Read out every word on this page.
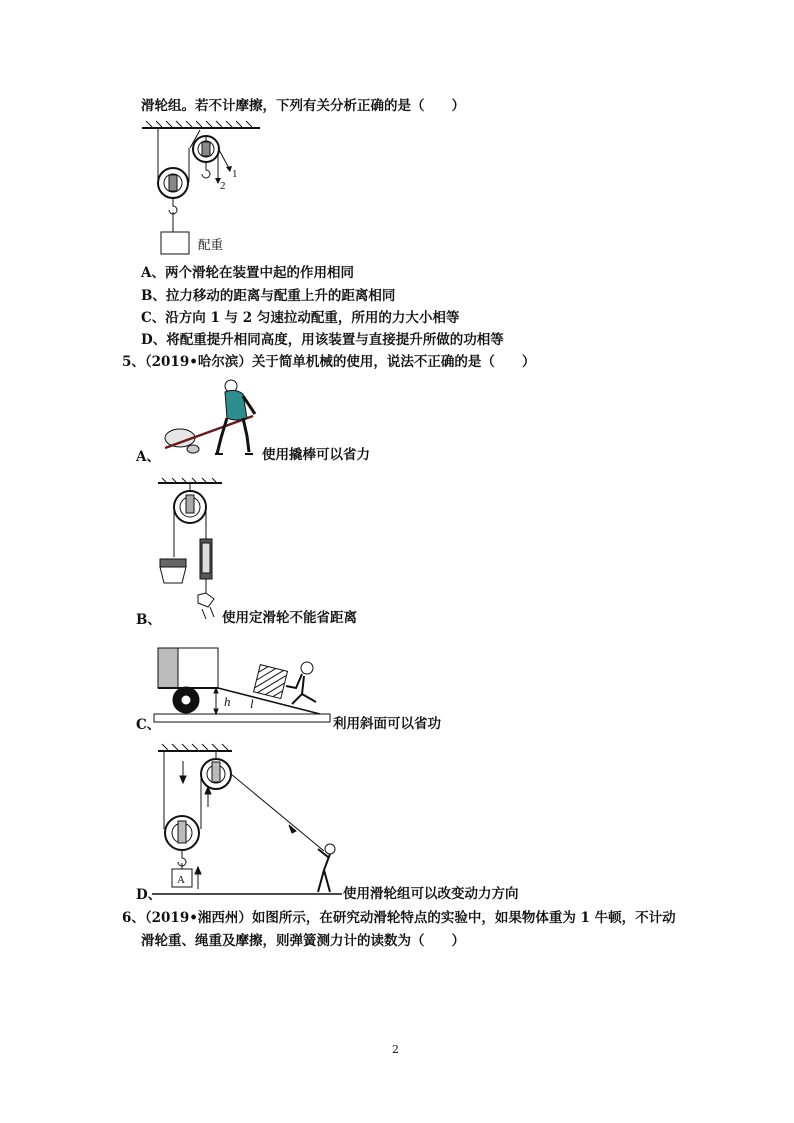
滑轮组。若不计摩擦，下列有关分析正确的是（　　）
1
2
配重
A、两个滑轮在装置中起的作用相同
B、拉力移动的距离与配重上升的距离相同
C、沿方向 1 与 2 匀速拉动配重，所用的力大小相等
D、将配重提升相同高度，用该装置与直接提升所做的功相等
5、（2019•哈尔滨）关于简单机械的使用，说法不正确的是（　　）
A、	使用撬棒可以省力
B、	使用定滑轮不能省距离
h l
C、	利用斜面可以省功
A
D、	使用滑轮组可以改变动力方向
6、（2019•湘西州）如图所示，在研究动滑轮特点的实验中，如果物体重为 1 牛顿，不计动
滑轮重、绳重及摩擦，则弹簧测力计的读数为（　　）
2
